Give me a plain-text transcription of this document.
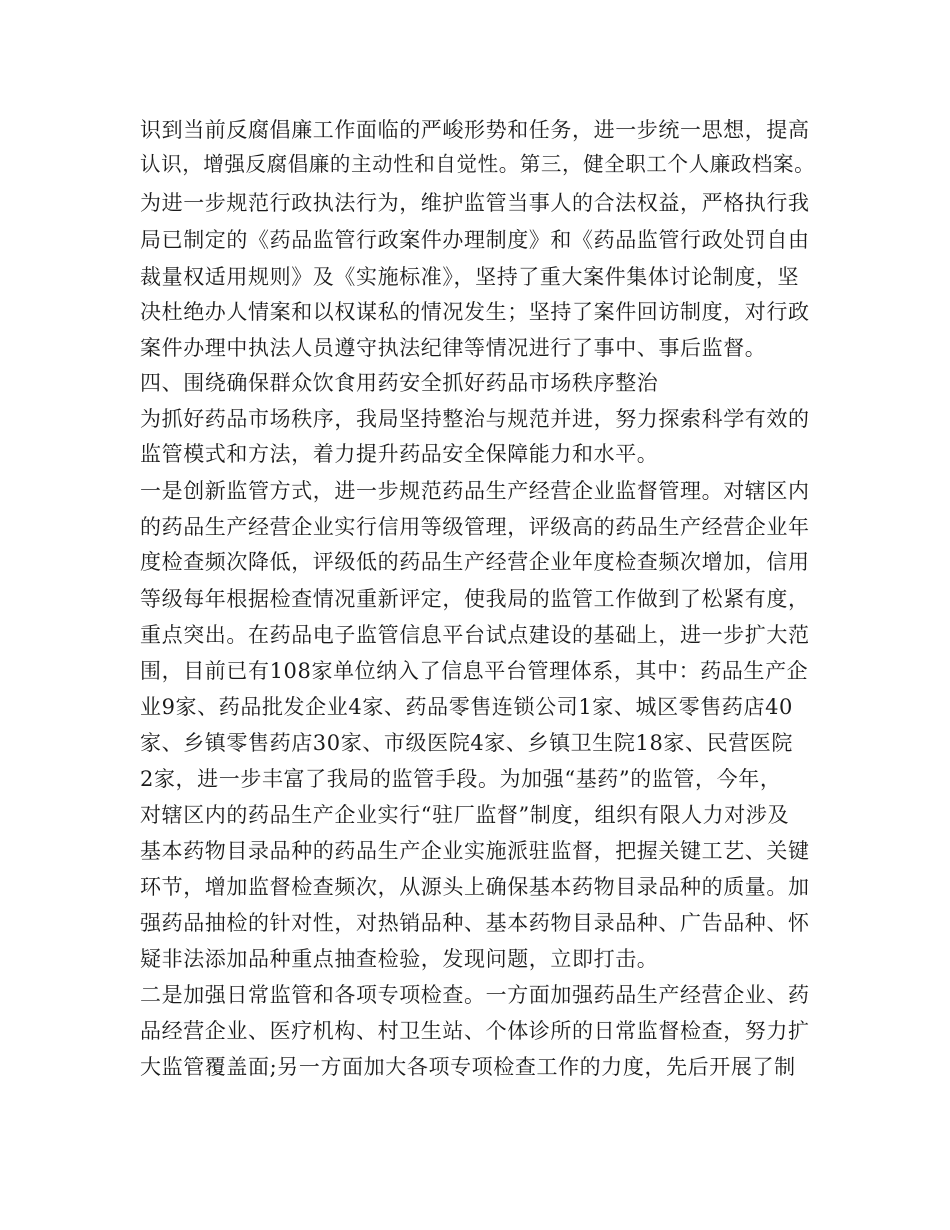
识到当前反腐倡廉工作面临的严峻形势和任务，进一步统一思想，提高
认识，增强反腐倡廉的主动性和自觉性。第三，健全职工个人廉政档案。
为进一步规范行政执法行为，维护监管当事人的合法权益，严格执行我
局已制定的《药品监管行政案件办理制度》和《药品监管行政处罚自由
裁量权适用规则》及《实施标准》，坚持了重大案件集体讨论制度，坚
决杜绝办人情案和以权谋私的情况发生；坚持了案件回访制度，对行政
案件办理中执法人员遵守执法纪律等情况进行了事中、事后监督。
四、围绕确保群众饮食用药安全抓好药品市场秩序整治
为抓好药品市场秩序，我局坚持整治与规范并进，努力探索科学有效的
监管模式和方法，着力提升药品安全保障能力和水平。
一是创新监管方式，进一步规范药品生产经营企业监督管理。对辖区内
的药品生产经营企业实行信用等级管理，评级高的药品生产经营企业年
度检查频次降低，评级低的药品生产经营企业年度检查频次增加，信用
等级每年根据检查情况重新评定，使我局的监管工作做到了松紧有度，
重点突出。在药品电子监管信息平台试点建设的基础上，进一步扩大范
围，目前已有108家单位纳入了信息平台管理体系，其中：药品生产企
业9家、药品批发企业4家、药品零售连锁公司1家、城区零售药店40
家、乡镇零售药店30家、市级医院4家、乡镇卫生院18家、民营医院
2家，进一步丰富了我局的监管手段。为加强“基药”的监管，今年，
对辖区内的药品生产企业实行“驻厂监督”制度，组织有限人力对涉及
基本药物目录品种的药品生产企业实施派驻监督，把握关键工艺、关键
环节，增加监督检查频次，从源头上确保基本药物目录品种的质量。加
强药品抽检的针对性，对热销品种、基本药物目录品种、广告品种、怀
疑非法添加品种重点抽查检验，发现问题，立即打击。
二是加强日常监管和各项专项检查。一方面加强药品生产经营企业、药
品经营企业、医疗机构、村卫生站、个体诊所的日常监督检查，努力扩
大监管覆盖面;另一方面加大各项专项检查工作的力度，先后开展了制
